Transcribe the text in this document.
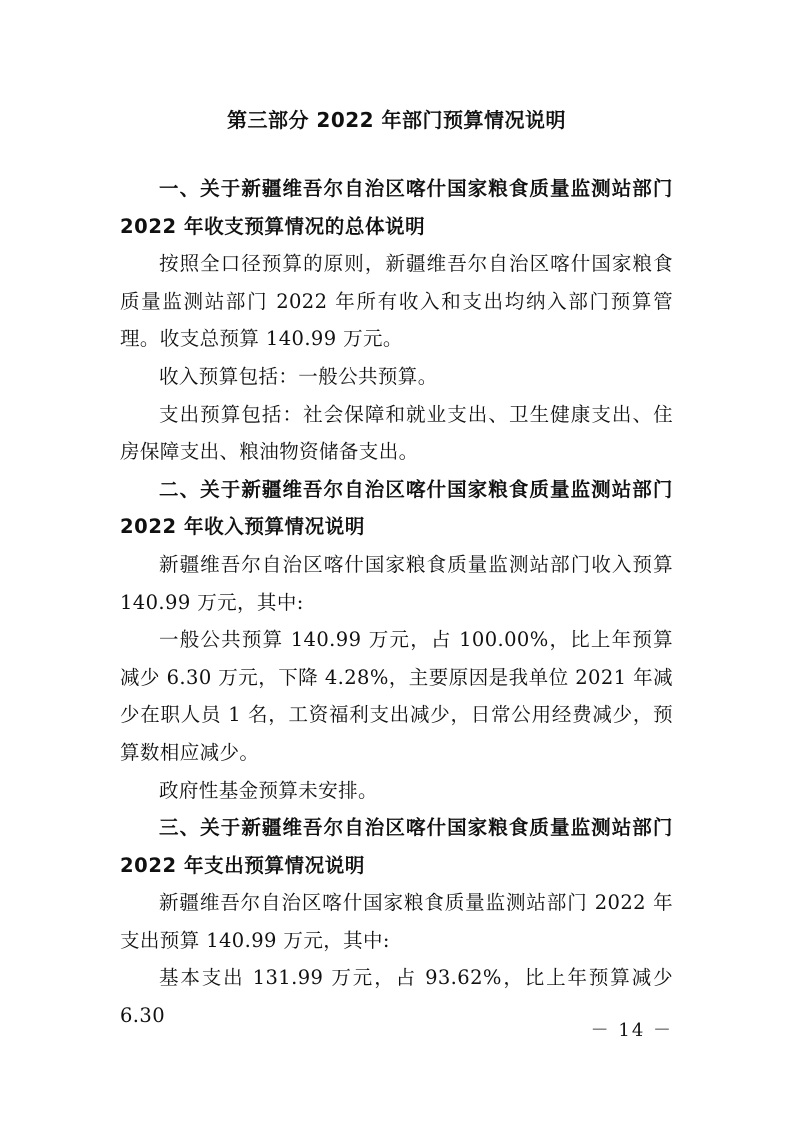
第三部分 2022 年部门预算情况说明

一、关于新疆维吾尔自治区喀什国家粮食质量监测站部门 2022 年收支预算情况的总体说明

按照全口径预算的原则，新疆维吾尔自治区喀什国家粮食质量监测站部门 2022 年所有收入和支出均纳入部门预算管理。收支总预算 140.99 万元。

收入预算包括：一般公共预算。

支出预算包括：社会保障和就业支出、卫生健康支出、住房保障支出、粮油物资储备支出。

二、关于新疆维吾尔自治区喀什国家粮食质量监测站部门 2022 年收入预算情况说明

新疆维吾尔自治区喀什国家粮食质量监测站部门收入预算 140.99 万元，其中:

一般公共预算 140.99 万元，占 100.00%，比上年预算减少 6.30 万元，下降 4.28%，主要原因是我单位 2021 年减少在职人员 1 名，工资福利支出减少，日常公用经费减少，预算数相应减少。

政府性基金预算未安排。

三、关于新疆维吾尔自治区喀什国家粮食质量监测站部门 2022 年支出预算情况说明

新疆维吾尔自治区喀什国家粮食质量监测站部门 2022 年支出预算 140.99 万元，其中:

基本支出 131.99 万元，占 93.62%，比上年预算减少 6.30

－ 14 －
